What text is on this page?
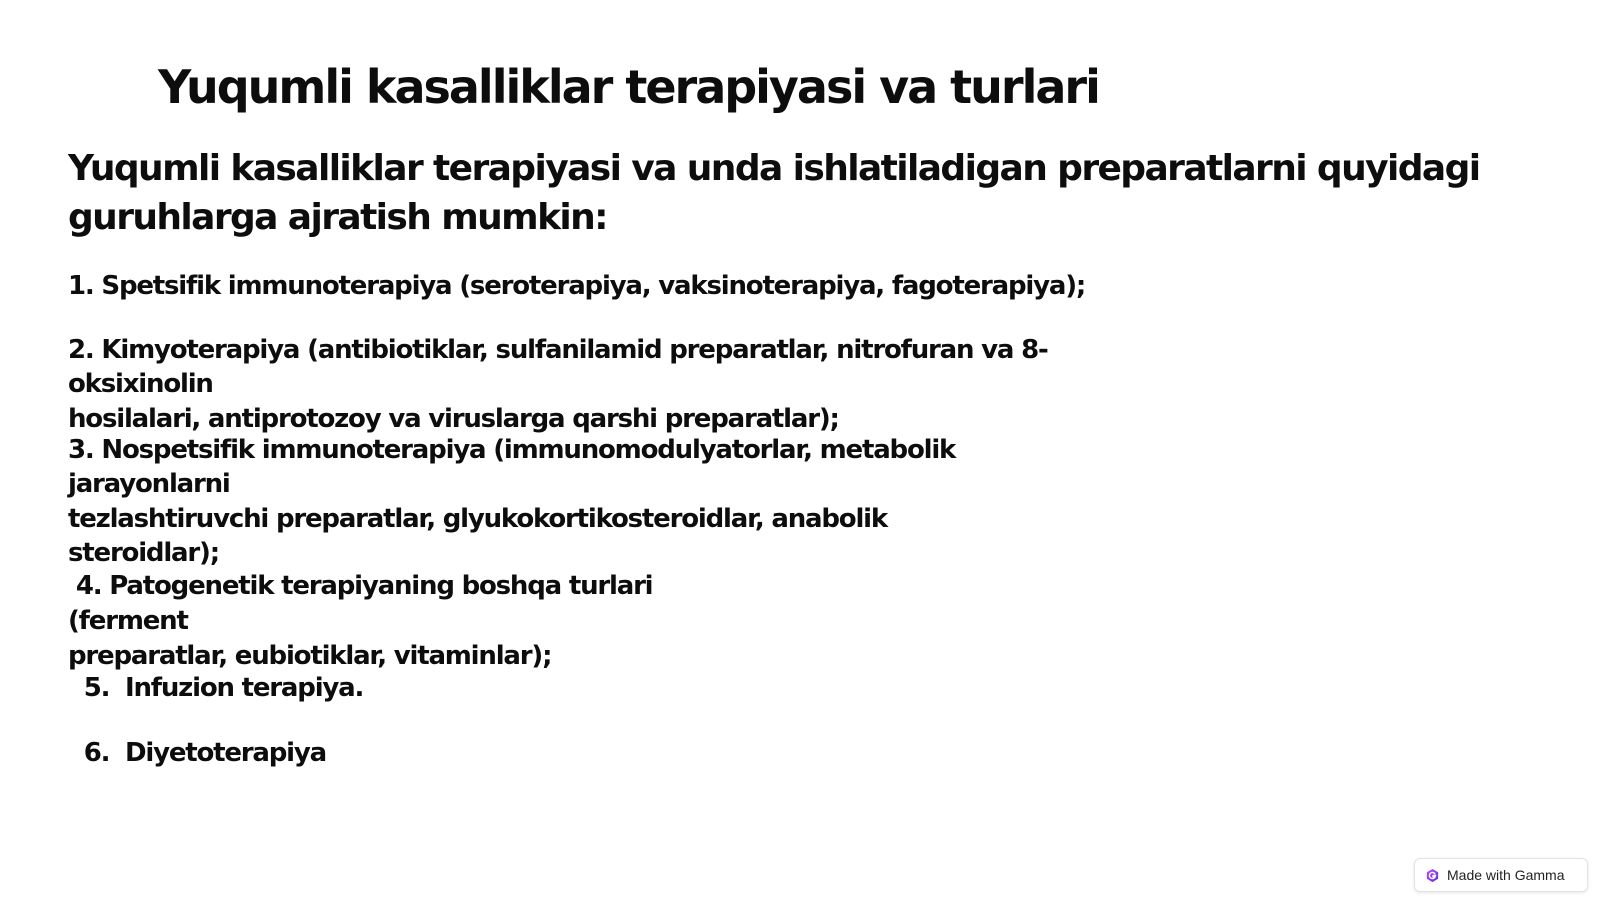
Yuqumli kasalliklar terapiyasi va turlari
Yuqumli kasalliklar terapiyasi va unda ishlatiladigan preparatlarni quyidagi
guruhlarga ajratish mumkin:
1. Spetsifik immunoterapiya (seroterapiya, vaksinoterapiya, fagoterapiya);
2. Kimyoterapiya (antibiotiklar, sulfanilamid preparatlar, nitrofuran va 8-
oksixinolin
hosilalari, antiprotozoy va viruslarga qarshi preparatlar);
3. Nospetsifik immunoterapiya (immunomodulyatorlar, metabolik
jarayonlarni
tezlashtiruvchi preparatlar, glyukokortikosteroidlar, anabolik
steroidlar);
4. Patogenetik terapiyaning boshqa turlari
(ferment
preparatlar, eubiotiklar, vitaminlar);
5.  Infuzion terapiya.
6.  Diyetoterapiya
Made with Gamma
